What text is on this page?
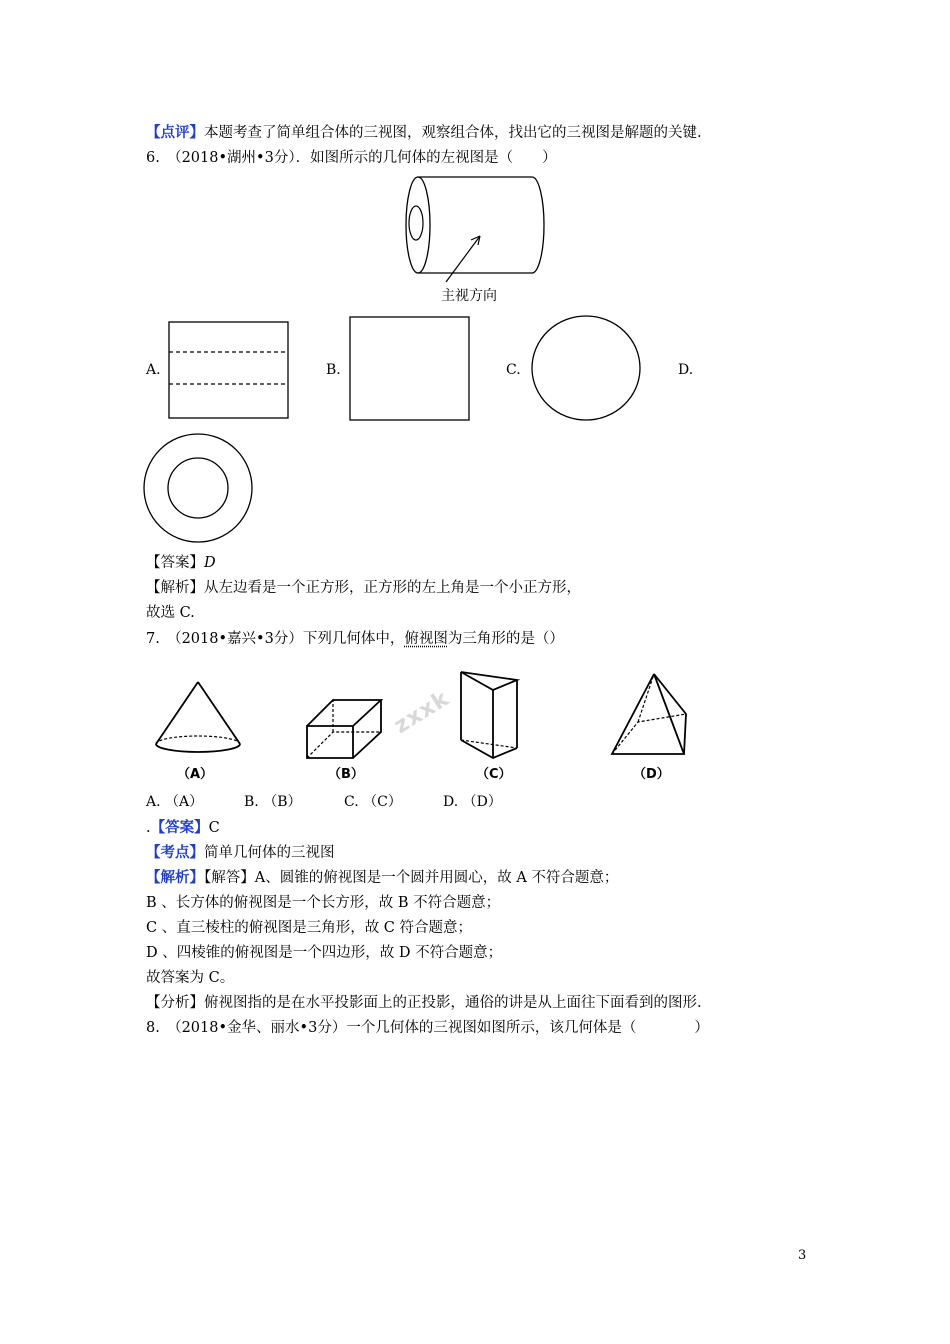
【点评】本题考查了简单组合体的三视图，观察组合体，找出它的三视图是解题的关键.
6.　（2018•湖州•3分）．如图所示的几何体的左视图是（　　）
主视方向
A.	B.	C.	D.
【答案】D
【解析】从左边看是一个正方形，正方形的左上角是一个小正方形，
故选 C.
7.　（2018•嘉兴•3分）下列几何体中，俯视图为三角形的是（）
（A）	（B）	（C）	（D）
zxxk
A. （A）	B. （B）	C. （C）	D. （D）
.【答案】C
【考点】简单几何体的三视图
【解析】【解答】A、圆锥的俯视图是一个圆并用圆心，故 A 不符合题意；
B 、长方体的俯视图是一个长方形，故 B 不符合题意；
C 、直三棱柱的俯视图是三角形，故 C 符合题意；
D 、四棱锥的俯视图是一个四边形，故 D 不符合题意；
故答案为 C。
【分析】俯视图指的是在水平投影面上的正投影，通俗的讲是从上面往下面看到的图形.
8.　（2018•金华、丽水•3分）一个几何体的三视图如图所示，该几何体是（　　　　）
3
